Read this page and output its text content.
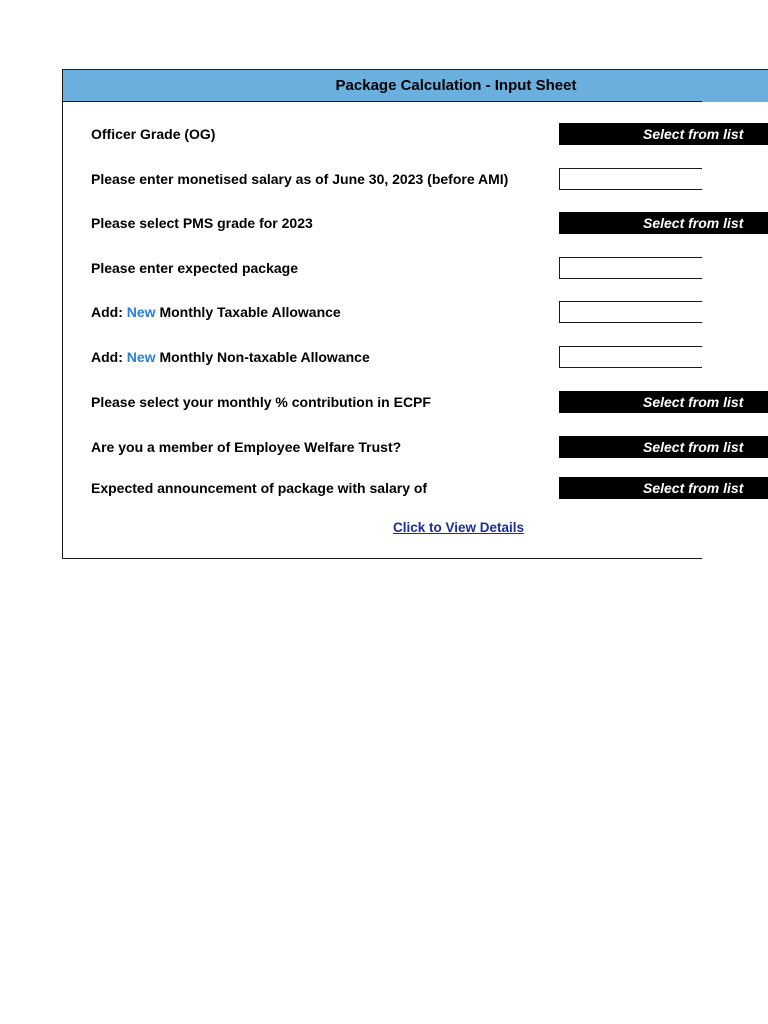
Package Calculation - Input Sheet
Officer Grade (OG)	Select from list
Please enter monetised salary as of June 30, 2023 (before AMI)
Please select PMS grade for 2023	Select from list
Please enter expected package
Add: New Monthly Taxable Allowance
Add: New Monthly Non-taxable Allowance
Please select your monthly % contribution in ECPF	Select from list
Are you a member of Employee Welfare Trust?	Select from list
Expected announcement of package with salary of	Select from list
Click to View Details
